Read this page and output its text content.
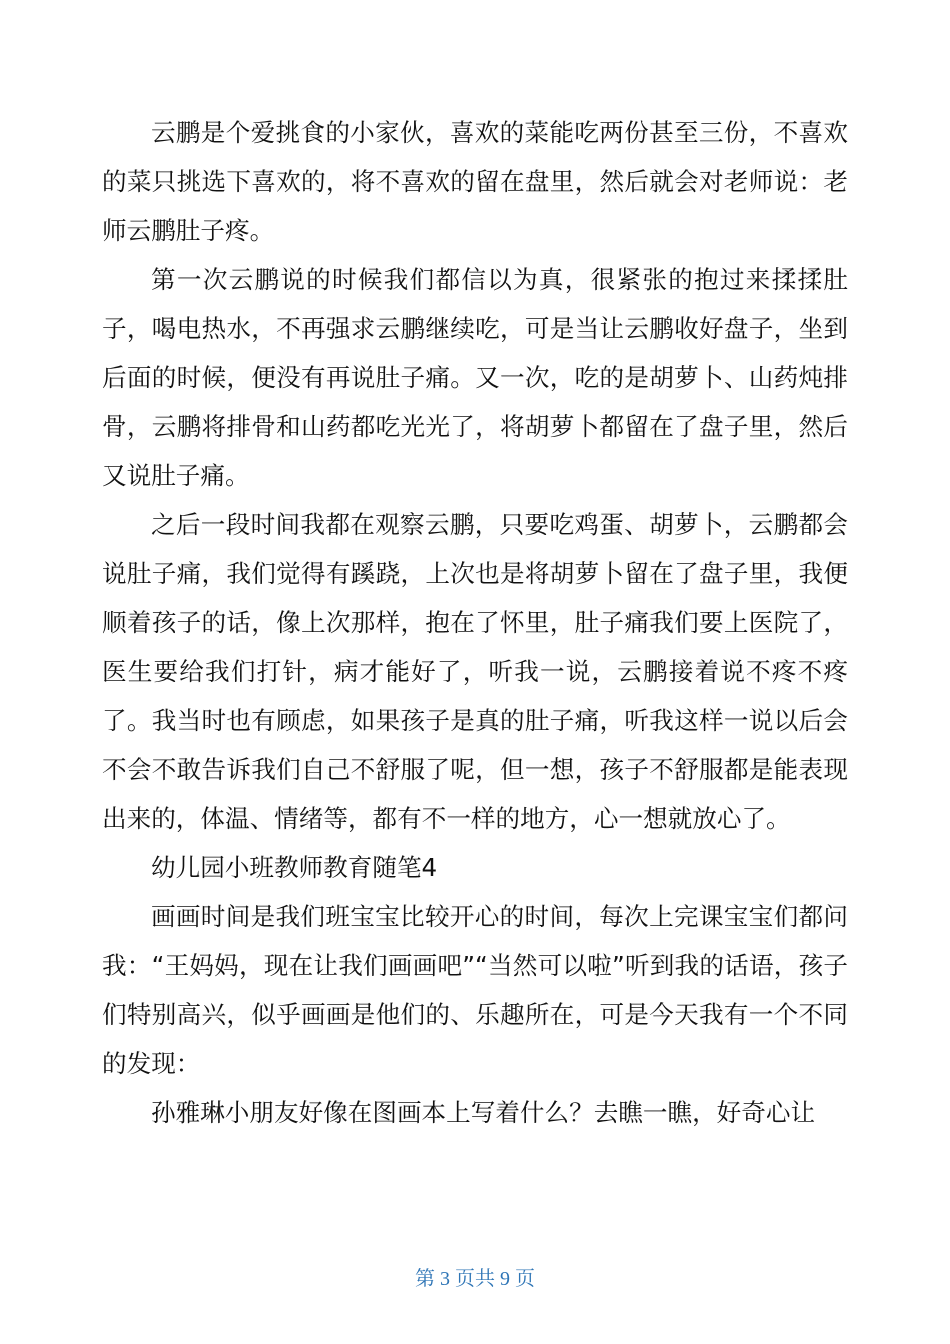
云鹏是个爱挑食的小家伙，喜欢的菜能吃两份甚至三份，不喜欢的菜只挑选下喜欢的，将不喜欢的留在盘里，然后就会对老师说：老师云鹏肚子疼。

第一次云鹏说的时候我们都信以为真，很紧张的抱过来揉揉肚子，喝电热水，不再强求云鹏继续吃，可是当让云鹏收好盘子，坐到后面的时候，便没有再说肚子痛。又一次，吃的是胡萝卜、山药炖排骨，云鹏将排骨和山药都吃光光了，将胡萝卜都留在了盘子里，然后又说肚子痛。

之后一段时间我都在观察云鹏，只要吃鸡蛋、胡萝卜，云鹏都会说肚子痛，我们觉得有蹊跷，上次也是将胡萝卜留在了盘子里，我便顺着孩子的话，像上次那样，抱在了怀里，肚子痛我们要上医院了，医生要给我们打针，病才能好了，听我一说，云鹏接着说不疼不疼了。我当时也有顾虑，如果孩子是真的肚子痛，听我这样一说以后会不会不敢告诉我们自己不舒服了呢，但一想，孩子不舒服都是能表现出来的，体温、情绪等，都有不一样的地方，心一想就放心了。

幼儿园小班教师教育随笔4

画画时间是我们班宝宝比较开心的时间，每次上完课宝宝们都问我：“王妈妈，现在让我们画画吧”“当然可以啦”听到我的话语，孩子们特别高兴，似乎画画是他们的、乐趣所在，可是今天我有一个不同的发现：

孙雅琳小朋友好像在图画本上写着什么？去瞧一瞧，好奇心让

第 3 页共 9 页
